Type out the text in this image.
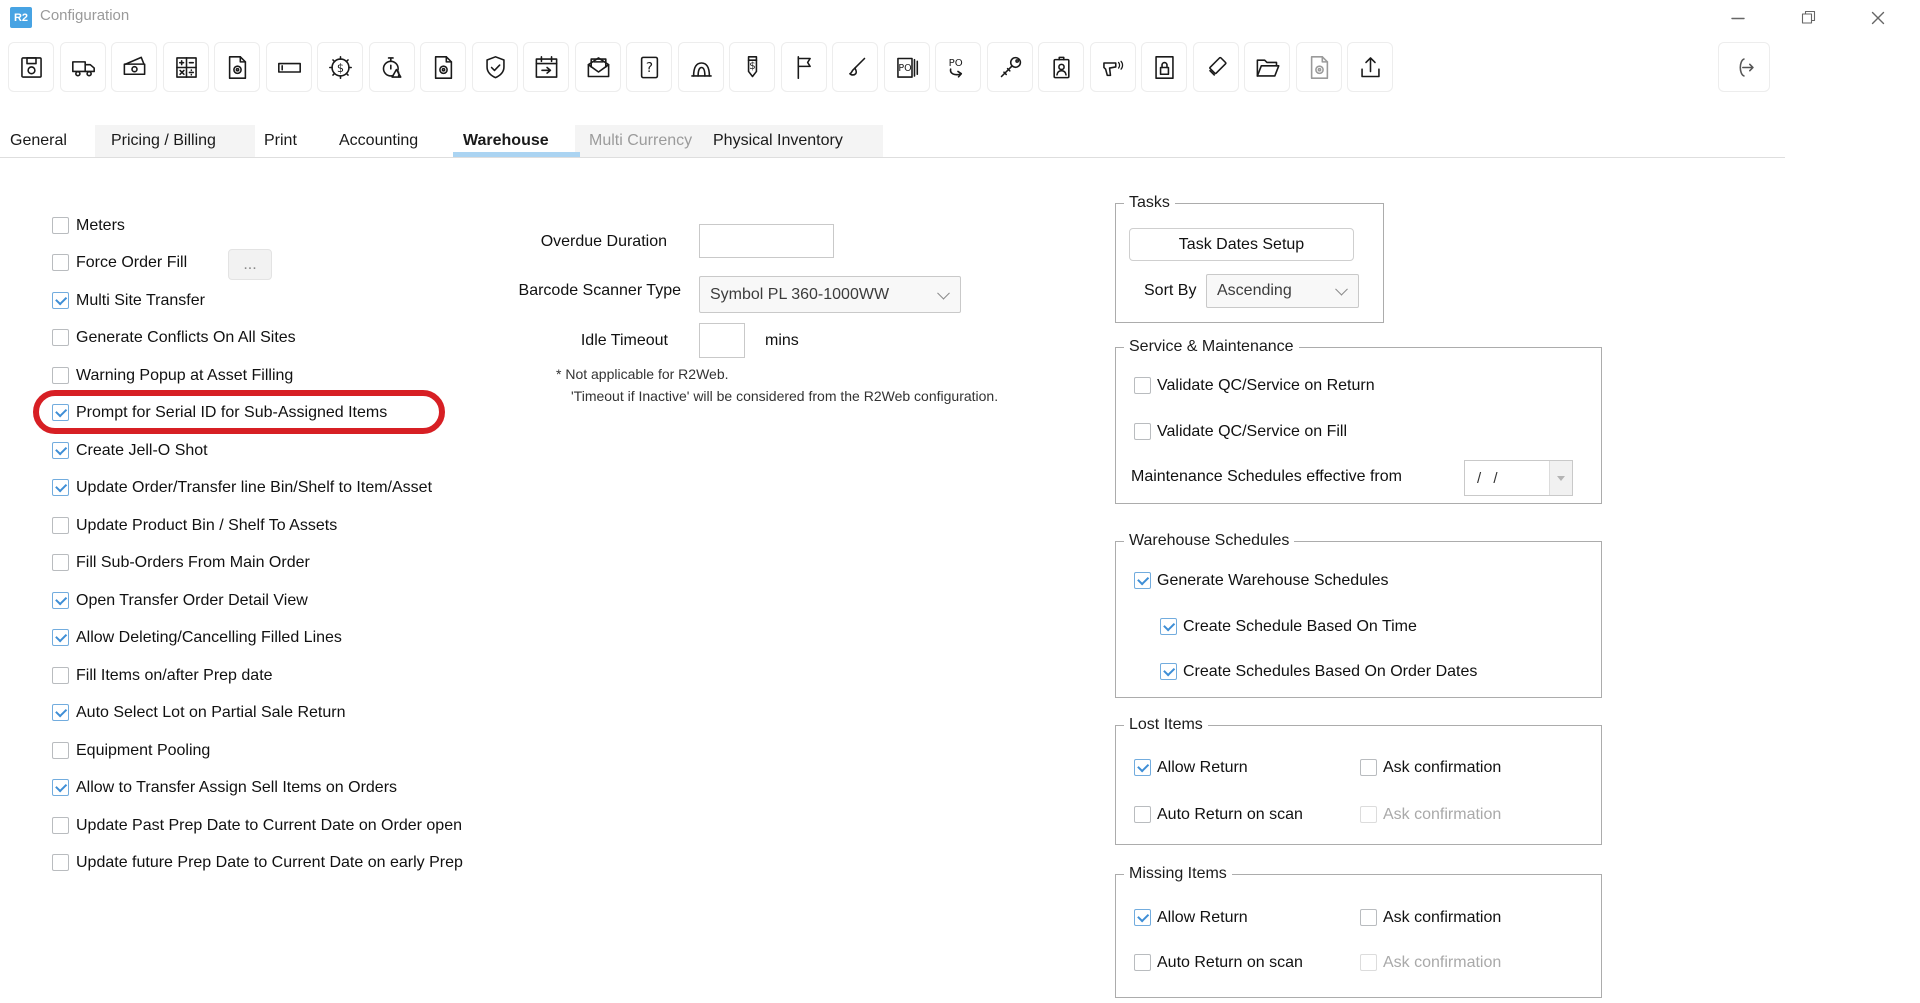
R2 Configuration
$	?	$	PO	PO
General	Pricing / Billing	Print	Accounting	Warehouse	Multi Currency Physical Inventory
Meters
Force Order Fill	...
Multi Site Transfer
Generate Conflicts On All Sites
Warning Popup at Asset Filling
Prompt for Serial ID for Sub-Assigned Items
Create Jell-O Shot
Update Order/Transfer line Bin/Shelf to Item/Asset
Update Product Bin / Shelf To Assets
Fill Sub-Orders From Main Order
Open Transfer Order Detail View
Allow Deleting/Cancelling Filled Lines
Fill Items on/after Prep date
Auto Select Lot on Partial Sale Return
Equipment Pooling
Allow to Transfer Assign Sell Items on Orders
Update Past Prep Date to Current Date on Order open
Update future Prep Date to Current Date on early Prep
Overdue Duration
Barcode Scanner Type Symbol PL 360-1000WW
Idle Timeout	mins
* Not applicable for R2Web.
'Timeout if Inactive' will be considered from the R2Web configuration.
Tasks
Task Dates Setup
Sort By Ascending
Service & Maintenance
Validate QC/Service on Return
Validate QC/Service on Fill
Maintenance Schedules effective from	/ /
Warehouse Schedules
Generate Warehouse Schedules
Create Schedule Based On Time
Create Schedules Based On Order Dates
Lost Items
Allow Return	Ask confirmation
Auto Return on scan	Ask confirmation
Missing Items
Allow Return	Ask confirmation
Auto Return on scan	Ask confirmation
